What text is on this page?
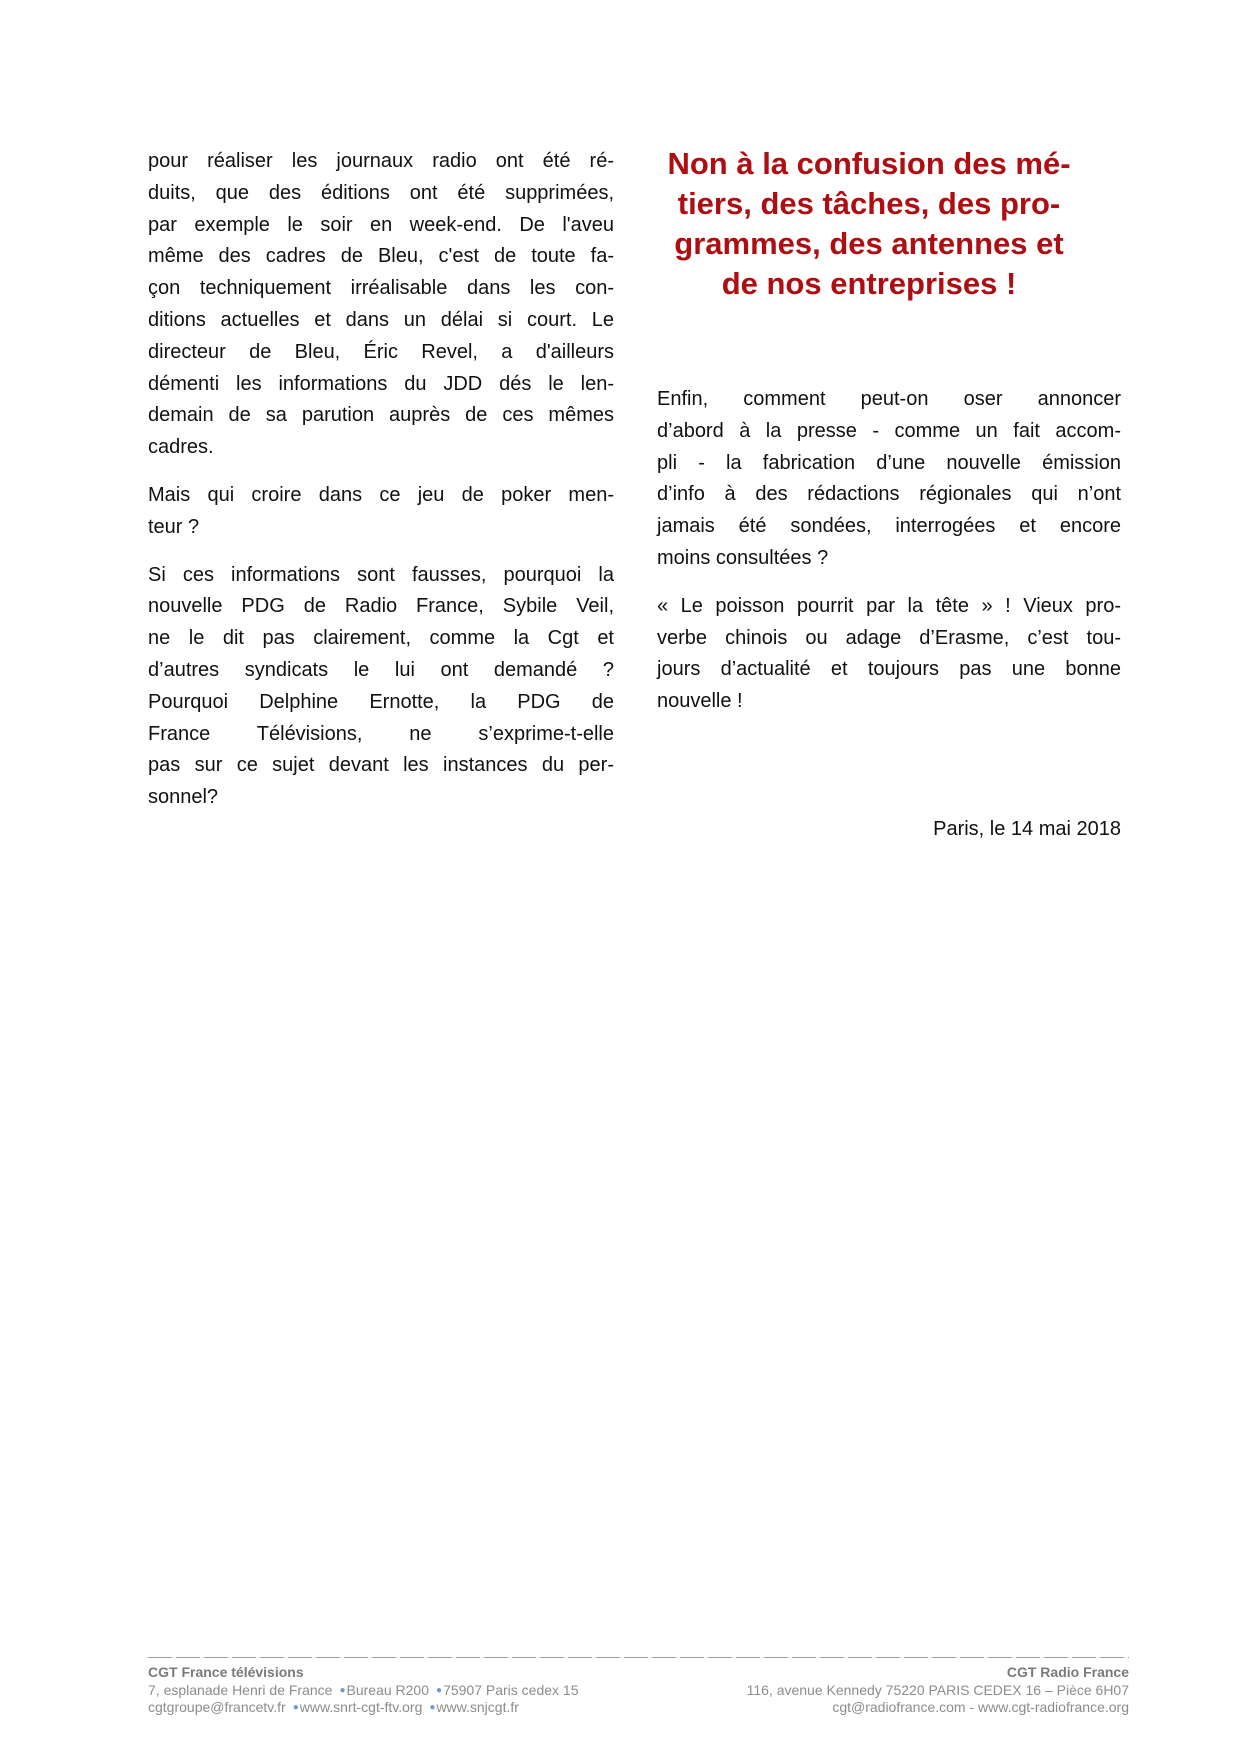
pour réaliser les journaux radio ont été ré-
duits, que des éditions ont été supprimées,
par exemple le soir en week-end. De l'aveu
même des cadres de Bleu, c'est de toute fa-
çon techniquement irréalisable dans les con-
ditions actuelles et dans un délai si court. Le
directeur de Bleu, Éric Revel, a d'ailleurs
démenti les informations du JDD dés le len-
demain de sa parution auprès de ces mêmes
cadres.
Mais qui croire dans ce jeu de poker men-
teur ?
Si ces informations sont fausses, pourquoi la
nouvelle PDG de Radio France, Sybile Veil,
ne le dit pas clairement, comme la Cgt et
d’autres syndicats le lui ont demandé ?
Pourquoi Delphine Ernotte, la PDG de
France Télévisions, ne s’exprime-t-elle
pas sur ce sujet devant les instances du per-
sonnel?
Non à la confusion des mé-
tiers, des tâches, des pro-
grammes, des antennes et
de nos entreprises !
Enfin, comment peut-on oser annoncer
d’abord à la presse - comme un fait accom-
pli - la fabrication d’une nouvelle émission
d’info à des rédactions régionales qui n’ont
jamais été sondées, interrogées et encore
moins consultées ?
« Le poisson pourrit par la tête » ! Vieux pro-
verbe chinois ou adage d’Erasme, c’est tou-
jours d’actualité et toujours pas une bonne
nouvelle !
Paris, le 14 mai 2018
CGT France télévisions
7, esplanade Henri de France ●Bureau R200 ●75907 Paris cedex 15
cgtgroupe@francetv.fr ●www.snrt-cgt-ftv.org ●www.snjcgt.fr
CGT Radio France
116, avenue Kennedy 75220 PARIS CEDEX 16 – Pièce 6H07
cgt@radiofrance.com - www.cgt-radiofrance.org
